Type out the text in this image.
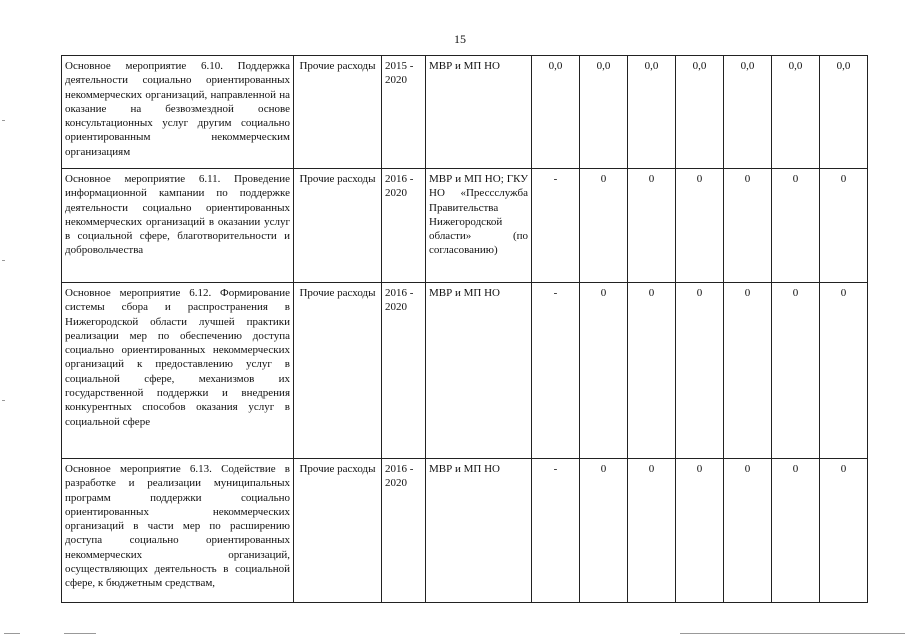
15
Основное мероприятие 6.10. Поддержка деятельности социально ориентированных некоммерческих организаций, направленной на оказание на безвозмездной основе консультационных услуг другим социально ориентированным некоммерческим организациям	Прочие расходы	2015 - 2020	МВР и МП НО	0,0	0,0	0,0	0,0	0,0	0,0	0,0
Основное мероприятие 6.11. Проведение информационной кампании по поддержке деятельности социально ориентированных некоммерческих организаций в оказании услуг в социальной сфере, благотворительности и добровольчества	Прочие расходы	2016 - 2020	МВР и МП НО; ГКУ НО «Прессслужба Правительства Нижегородской области» (по согласованию)	-	0	0	0	0	0	0
Основное мероприятие 6.12. Формирование системы сбора и распространения в Нижегородской области лучшей практики реализации мер по обеспечению доступа социально ориентированных некоммерческих организаций к предоставлению услуг в социальной сфере, механизмов их государственной поддержки и внедрения конкурентных способов оказания услуг в социальной сфере	Прочие расходы	2016 - 2020	МВР и МП НО	-	0	0	0	0	0	0
Основное мероприятие 6.13. Содействие в разработке и реализации муниципальных программ поддержки социально ориентированных некоммерческих организаций в части мер по расширению доступа социально ориентированных некоммерческих организаций, осуществляющих деятельность в социальной сфере, к бюджетным средствам,	Прочие расходы	2016 - 2020	МВР и МП НО	-	0	0	0	0	0	0
